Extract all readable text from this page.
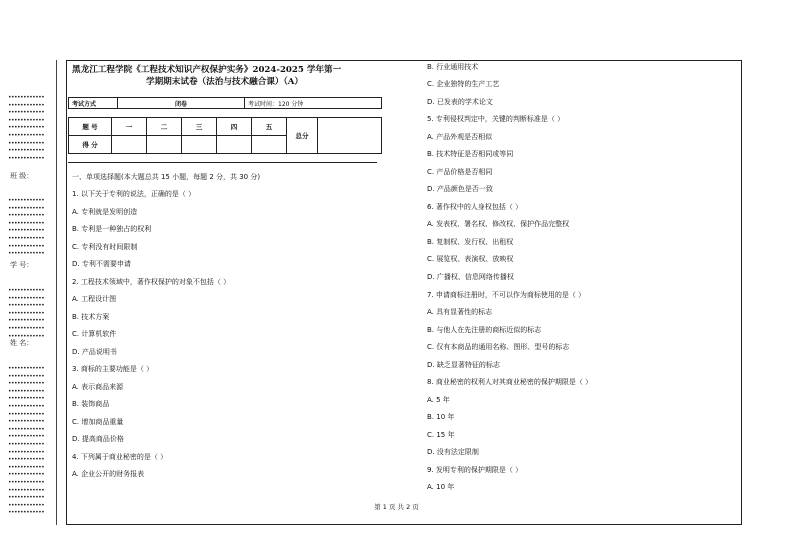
••••••••••••
••••••••••••
••••••••••••
••••••••••••
••••••••••••
••••••••••••
••••••••••••
••••••••••••
••••••••••••
班 级：
••••••••••••
••••••••••••
••••••••••••
••••••••••••
••••••••••••
••••••••••••
••••••••••••
••••••••••••
学 号：
••••••••••••
••••••••••••
••••••••••••
••••••••••••
••••••••••••
••••••••••••
••••••••••••
姓 名：
••••••••••••
••••••••••••
••••••••••••
••••••••••••
••••••••••••
••••••••••••
••••••••••••
••••••••••••
••••••••••••
••••••••••••
••••••••••••
••••••••••••
••••••••••••
••••••••••••
••••••••••••
••••••••••••
••••••••••••
••••••••••••
••••••••••••
••••••••••••
黑龙江工程学院《工程技术知识产权保护实务》2024-2025 学年第一
学期期末试卷（法治与技术融合课）（A）
考试方式	闭卷	考试时间：120 分钟
题 号	一	二	三	四	五	总分	
得 分							
一、单项选择题(本大题总共 15 小题，每题 2 分，共 30 分)
1. 以下关于专利的说法，正确的是（ ）
A. 专利就是发明创造
B. 专利是一种独占的权利
C. 专利没有时间限制
D. 专利不需要申请
2. 工程技术领域中，著作权保护的对象不包括（ ）
A. 工程设计图
B. 技术方案
C. 计算机软件
D. 产品说明书
3. 商标的主要功能是（ ）
A. 表示商品来源
B. 装饰商品
C. 增加商品重量
D. 提高商品价格
4. 下列属于商业秘密的是（ ）
A. 企业公开的财务报表
B. 行业通用技术
C. 企业独特的生产工艺
D. 已发表的学术论文
5. 专利侵权判定中，关键的判断标准是（ ）
A. 产品外观是否相似
B. 技术特征是否相同或等同
C. 产品价格是否相同
D. 产品颜色是否一致
6. 著作权中的人身权包括（ ）
A. 发表权、署名权、修改权、保护作品完整权
B. 复制权、发行权、出租权
C. 展览权、表演权、放映权
D. 广播权、信息网络传播权
7. 申请商标注册时，不可以作为商标使用的是（ ）
A. 具有显著性的标志
B. 与他人在先注册的商标近似的标志
C. 仅有本商品的通用名称、图形、型号的标志
D. 缺乏显著特征的标志
8. 商业秘密的权利人对其商业秘密的保护期限是（ ）
A. 5 年
B. 10 年
C. 15 年
D. 没有法定限制
9. 发明专利的保护期限是（ ）
A. 10 年
第 1 页 共 2 页
